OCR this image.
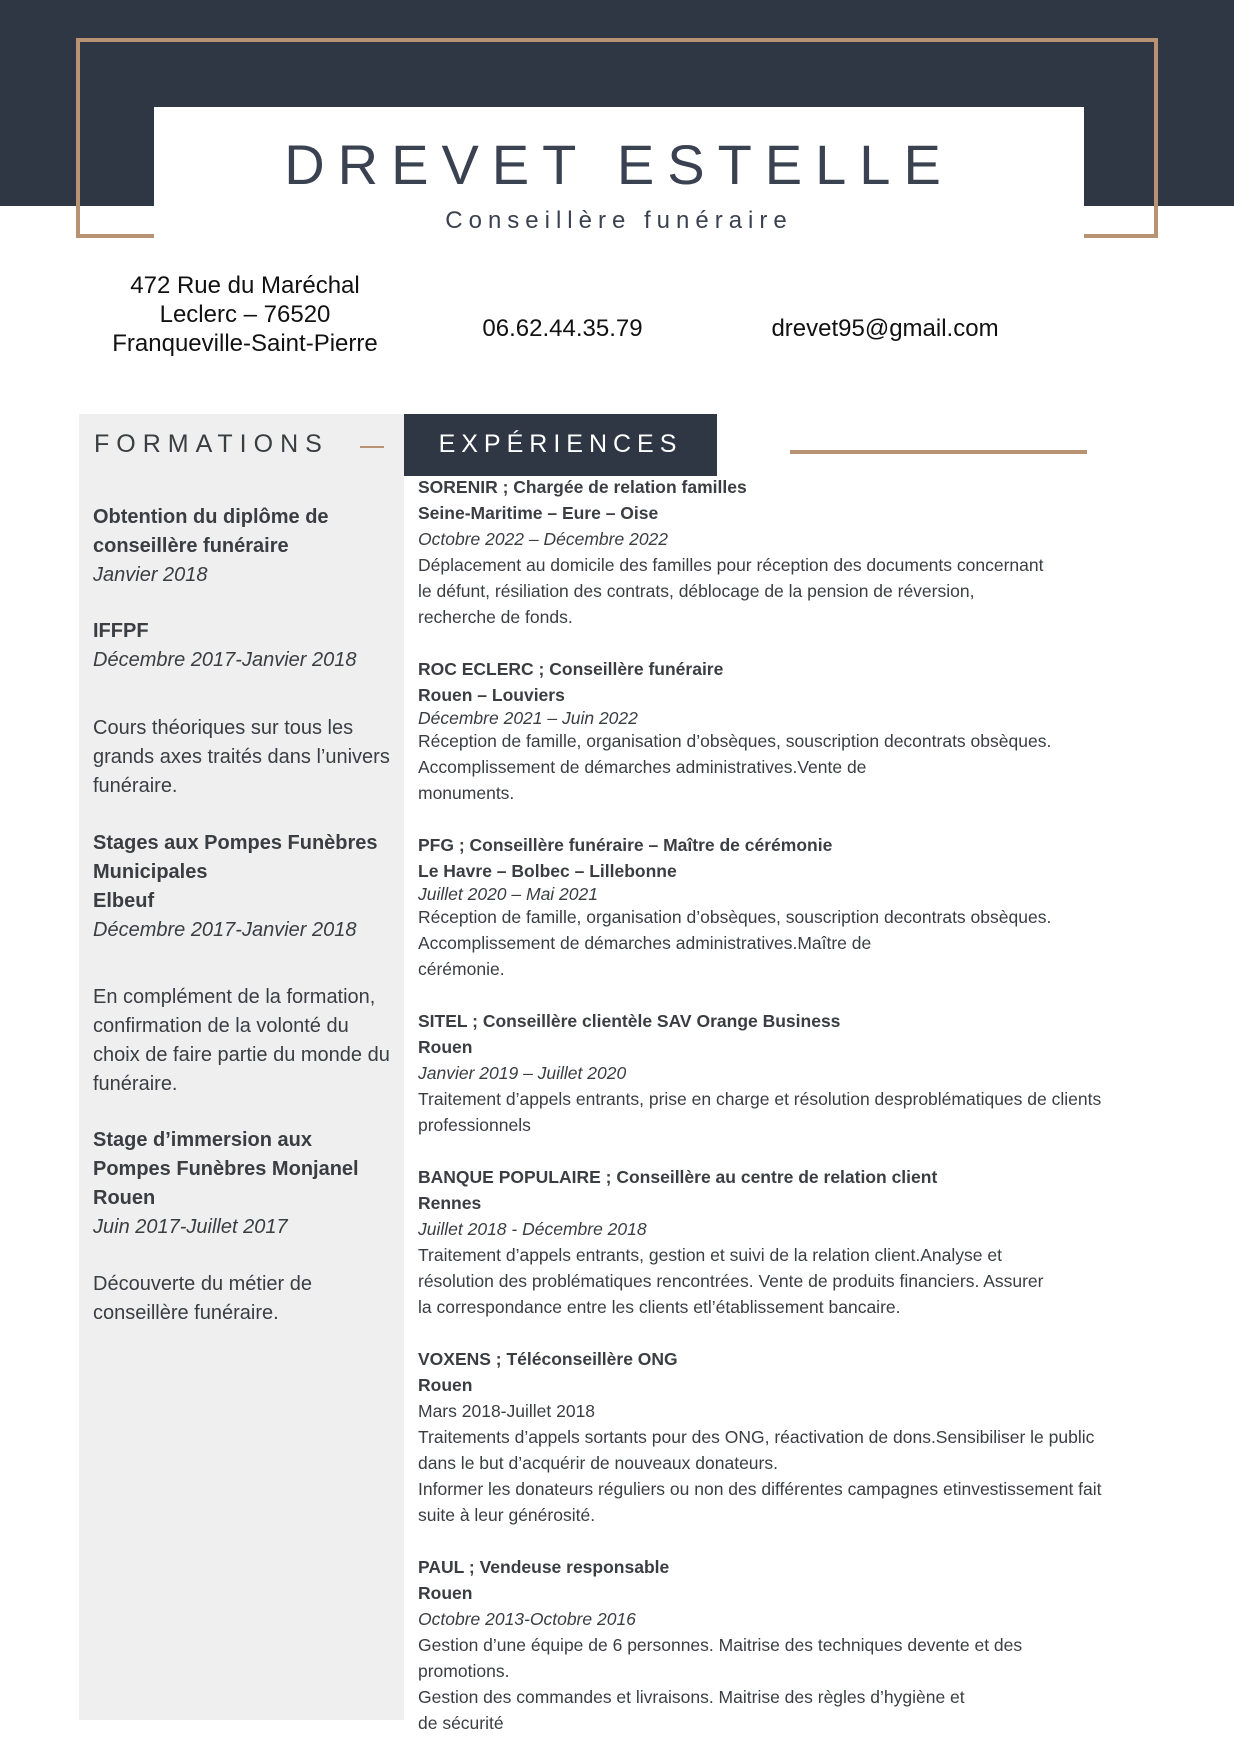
DREVET ESTELLE
Conseillère funéraire
472 Rue du Maréchal
Leclerc – 76520
Franqueville-Saint-Pierre
06.62.44.35.79	drevet95@gmail.com
FORMATIONS
Obtention du diplôme de conseillère funéraire
Janvier 2018
IFFPF
Décembre 2017-Janvier 2018
Cours théoriques sur tous les grands axes traités dans l’univers funéraire.
Stages aux Pompes Funèbres Municipales
Elbeuf
Décembre 2017-Janvier 2018
En complément de la formation, confirmation de la volonté du choix de faire partie du monde du funéraire.
Stage d’immersion aux Pompes Funèbres Monjanel
Rouen
Juin 2017-Juillet 2017
Découverte du métier de conseillère funéraire.
EXPÉRIENCES

SORENIR ; Chargée de relation familles

Seine-Maritime – Eure – Oise

Octobre 2022 – Décembre 2022

Déplacement au domicile des familles pour réception des documents concernant
le défunt, résiliation des contrats, déblocage de la pension de réversion,
recherche de fonds.

ROC ECLERC ; Conseillère funéraire

Rouen – Louviers

Décembre 2021 – Juin 2022

Réception de famille, organisation d’obsèques, souscription decontrats obsèques.
Accomplissement de démarches administratives.Vente de
monuments.

PFG ; Conseillère funéraire – Maître de cérémonie

Le Havre – Bolbec – Lillebonne

Juillet 2020 – Mai 2021

Réception de famille, organisation d’obsèques, souscription decontrats obsèques.
Accomplissement de démarches administratives.Maître de
cérémonie.

SITEL ; Conseillère clientèle SAV Orange Business

Rouen

Janvier 2019 – Juillet 2020

Traitement d’appels entrants, prise en charge et résolution desproblématiques de clients
professionnels

BANQUE POPULAIRE ; Conseillère au centre de relation client

Rennes

Juillet 2018 - Décembre 2018

Traitement d’appels entrants, gestion et suivi de la relation client.Analyse et
résolution des problématiques rencontrées. Vente de produits financiers. Assurer
la correspondance entre les clients etl’établissement bancaire.

VOXENS ; Téléconseillère ONG

Rouen

Mars 2018-Juillet 2018

Traitements d’appels sortants pour des ONG, réactivation de dons.Sensibiliser le public
dans le but d’acquérir de nouveaux donateurs.
Informer les donateurs réguliers ou non des différentes campagnes etinvestissement fait
suite à leur générosité.

PAUL ; Vendeuse responsable

Rouen

Octobre 2013-Octobre 2016

Gestion d’une équipe de 6 personnes. Maitrise des techniques devente et des
promotions.
Gestion des commandes et livraisons. Maitrise des règles d’hygiène et
de sécurité
